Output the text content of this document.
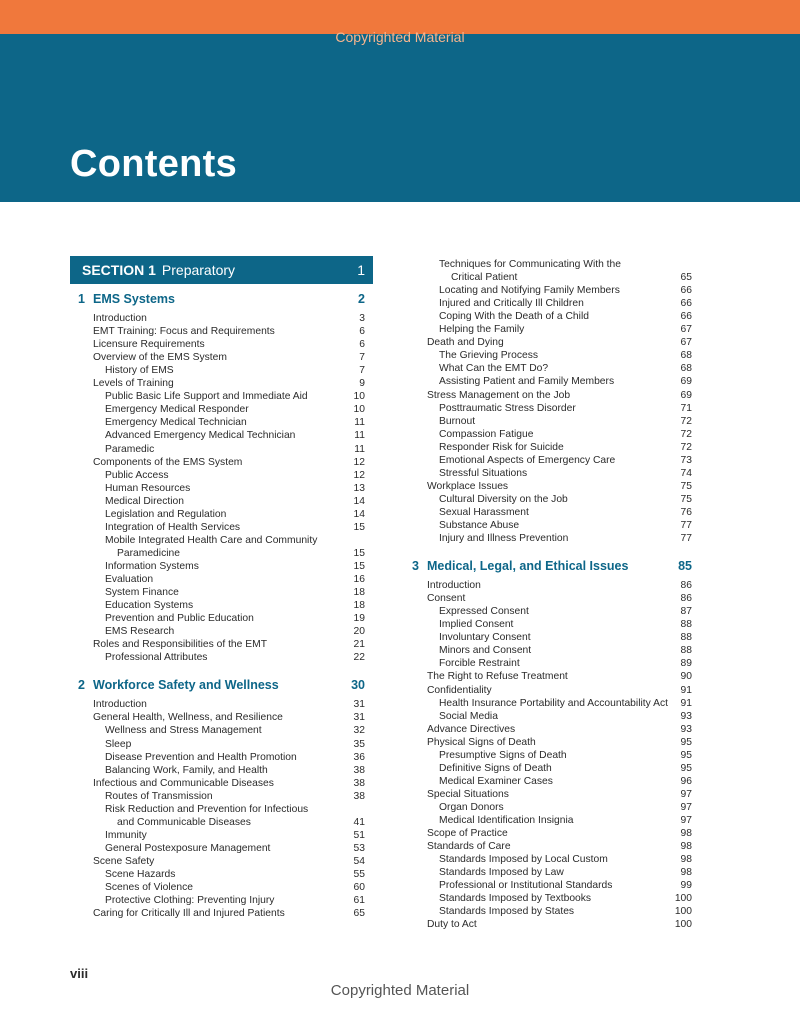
Copyrighted Material
Contents
SECTION 1 Preparatory	1
1 EMS Systems	2
Introduction	3
EMT Training: Focus and Requirements	6
Licensure Requirements	6
Overview of the EMS System	7
History of EMS	7
Levels of Training	9
Public Basic Life Support and Immediate Aid	10
Emergency Medical Responder	10
Emergency Medical Technician	11
Advanced Emergency Medical Technician	11
Paramedic	11
Components of the EMS System	12
Public Access	12
Human Resources	13
Medical Direction	14
Legislation and Regulation	14
Integration of Health Services	15
Mobile Integrated Health Care and Community
Paramedicine	15
Information Systems	15
Evaluation	16
System Finance	18
Education Systems	18
Prevention and Public Education	19
EMS Research	20
Roles and Responsibilities of the EMT	21
Professional Attributes	22
2 Workforce Safety and Wellness	30
Introduction	31
General Health, Wellness, and Resilience	31
Wellness and Stress Management	32
Sleep	35
Disease Prevention and Health Promotion	36
Balancing Work, Family, and Health	38
Infectious and Communicable Diseases	38
Routes of Transmission	38
Risk Reduction and Prevention for Infectious
and Communicable Diseases	41
Immunity	51
General Postexposure Management	53
Scene Safety	54
Scene Hazards	55
Scenes of Violence	60
Protective Clothing: Preventing Injury	61
Caring for Critically Ill and Injured Patients	65
Techniques for Communicating With the
Critical Patient	65
Locating and Notifying Family Members	66
Injured and Critically Ill Children	66
Coping With the Death of a Child	66
Helping the Family	67
Death and Dying	67
The Grieving Process	68
What Can the EMT Do?	68
Assisting Patient and Family Members	69
Stress Management on the Job	69
Posttraumatic Stress Disorder	71
Burnout	72
Compassion Fatigue	72
Responder Risk for Suicide	72
Emotional Aspects of Emergency Care	73
Stressful Situations	74
Workplace Issues	75
Cultural Diversity on the Job	75
Sexual Harassment	76
Substance Abuse	77
Injury and Illness Prevention	77
3 Medical, Legal, and Ethical Issues	85
Introduction	86
Consent	86
Expressed Consent	87
Implied Consent	88
Involuntary Consent	88
Minors and Consent	88
Forcible Restraint	89
The Right to Refuse Treatment	90
Confidentiality	91
Health Insurance Portability and Accountability Act 91
Social Media	93
Advance Directives	93
Physical Signs of Death	95
Presumptive Signs of Death	95
Definitive Signs of Death	95
Medical Examiner Cases	96
Special Situations	97
Organ Donors	97
Medical Identification Insignia	97
Scope of Practice	98
Standards of Care	98
Standards Imposed by Local Custom	98
Standards Imposed by Law	98
Professional or Institutional Standards	99
Standards Imposed by Textbooks	100
Standards Imposed by States	100
Duty to Act	100
viii
Copyrighted Material
